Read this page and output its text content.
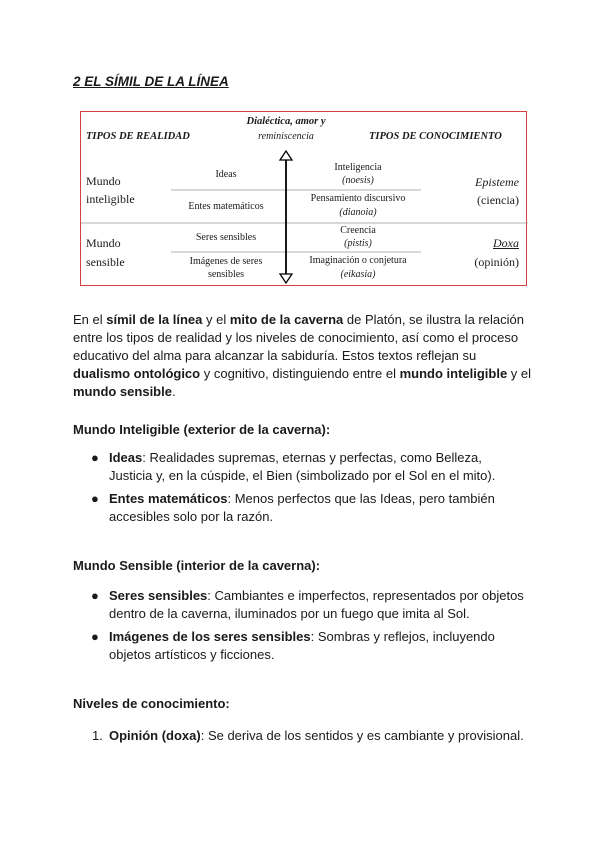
2 EL SÍMIL DE LA LÍNEA
TIPOS DE REALIDAD
Dialéctica, amor y
reminiscencia	TIPOS DE CONOCIMIENTO
Mundo
inteligible
Mundo
sensible
Ideas
Entes matemáticos
Seres sensibles
Imágenes de seres
sensibles
Inteligencia
(noesis)
Pensamiento discursivo
(dianoia)
Creencia
(pistis)
Imaginación o conjetura
(eikasia)
Episteme
(ciencia)
Doxa
(opinión)

En el símil de la línea y el mito de la caverna de Platón, se ilustra la relación entre los tipos de realidad y los niveles de conocimiento, así como el proceso educativo del alma para alcanzar la sabiduría. Estos textos reflejan su dualismo ontológico y cognitivo, distinguiendo entre el mundo inteligible y el mundo sensible.

Mundo Inteligible (exterior de la caverna):
● Ideas: Realidades supremas, eternas y perfectas, como Belleza, Justicia y, en la cúspide, el Bien (simbolizado por el Sol en el mito).
● Entes matemáticos: Menos perfectos que las Ideas, pero también accesibles solo por la razón.
Mundo Sensible (interior de la caverna):
● Seres sensibles: Cambiantes e imperfectos, representados por objetos dentro de la caverna, iluminados por un fuego que imita al Sol.
● Imágenes de los seres sensibles: Sombras y reflejos, incluyendo objetos artísticos y ficciones.
Niveles de conocimiento:
1. Opinión (doxa): Se deriva de los sentidos y es cambiante y provisional.
